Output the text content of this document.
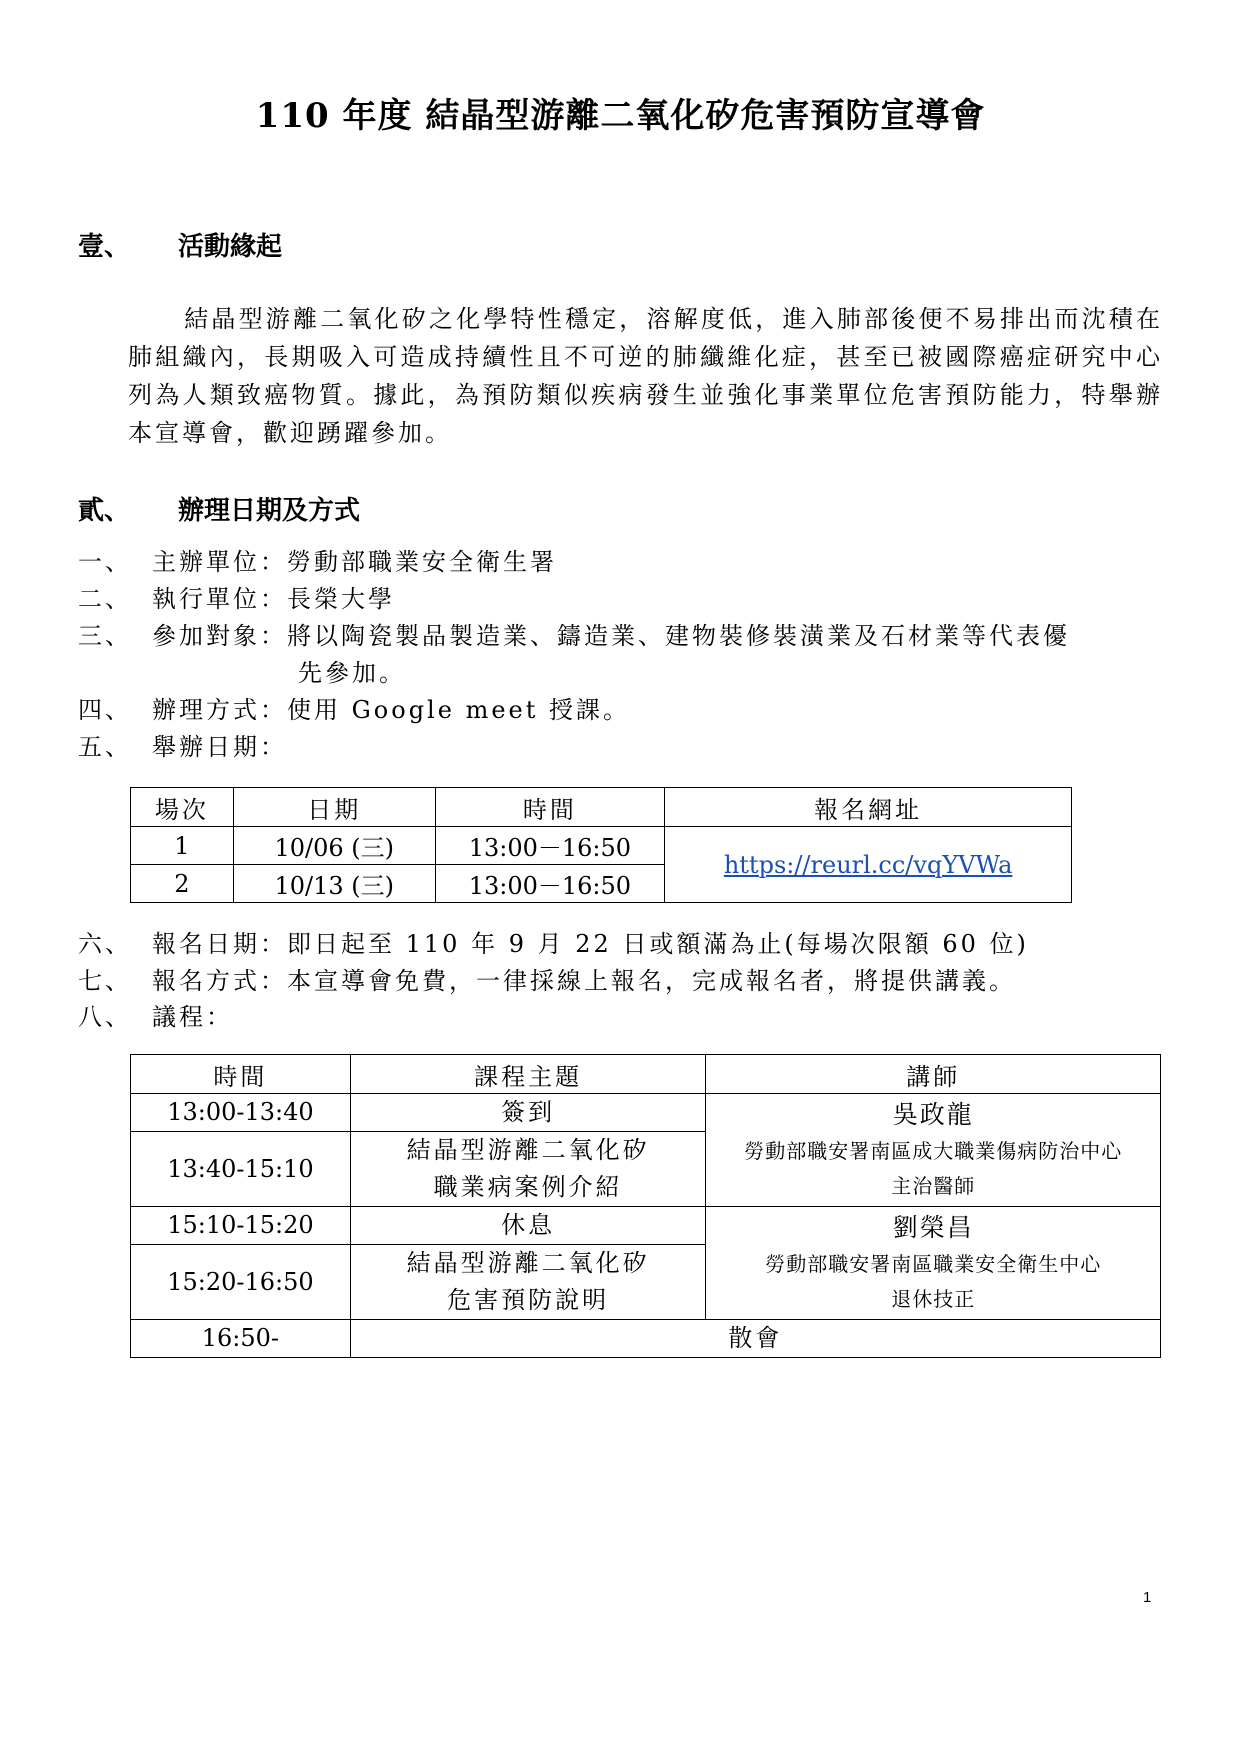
110 年度 結晶型游離二氧化矽危害預防宣導會
壹、 活動緣起
結晶型游離二氧化矽之化學特性穩定，溶解度低，進入肺部後便不易排出而沈積在肺組織內，長期吸入可造成持續性且不可逆的肺纖維化症，甚至已被國際癌症研究中心列為人類致癌物質。據此，為預防類似疾病發生並強化事業單位危害預防能力，特舉辦本宣導會，歡迎踴躍參加。
貳、 辦理日期及方式
一、 主辦單位：勞動部職業安全衛生署
二、 執行單位：長榮大學
三、 參加對象：將以陶瓷製品製造業、鑄造業、建物裝修裝潢業及石材業等代表優
先參加。
四、 辦理方式：使用 Google meet 授課。
五、 舉辦日期：
場次	日期	時間	報名網址
1	10/06 (三)	13:00－16:50	https://reurl.cc/vqYVWa
2	10/13 (三)	13:00－16:50	
六、 報名日期：即日起至 110 年 9 月 22 日或額滿為止(每場次限額 60 位)
七、 報名方式：本宣導會免費，一律採線上報名，完成報名者，將提供講義。
八、 議程：
時間	課程主題	講師
13:00-13:40	簽到	吳政龍
勞動部職安署南區成大職業傷病防治中心
主治醫師

13:40-15:10	結晶型游離二氧化矽
職業病案例介紹	

15:10-15:20	休息	劉榮昌
勞動部職安署南區職業安全衛生中心
退休技正

15:20-16:50	結晶型游離二氧化矽
危害預防說明	

16:50-	散會	
1
